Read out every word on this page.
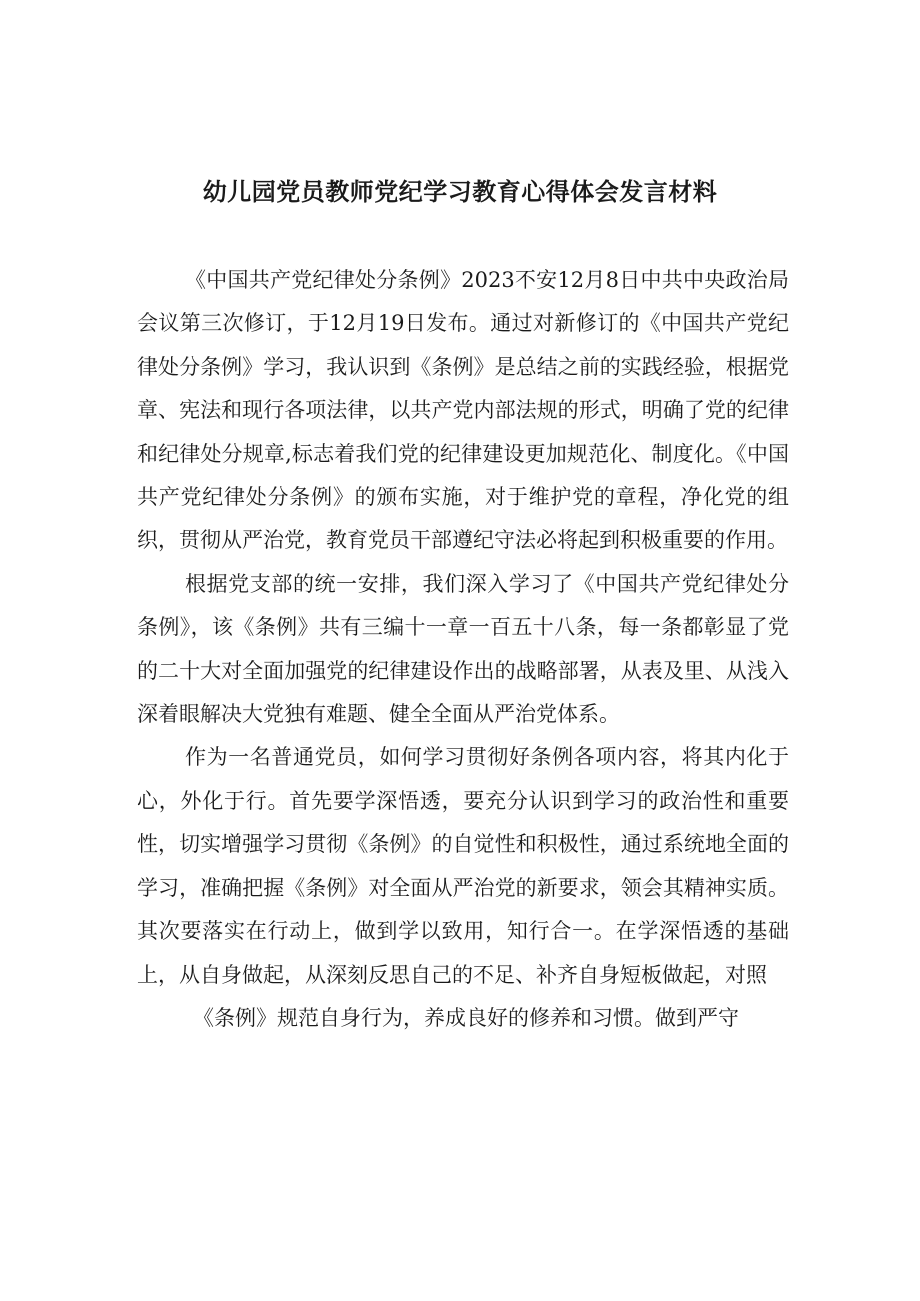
幼儿园党员教师党纪学习教育心得体会发言材料

《中国共产党纪律处分条例》2023不安12月8日中共中央政治局会议第三次修订，于12月19日发布。通过对新修订的《中国共产党纪律处分条例》学习，我认识到《条例》是总结之前的实践经验，根据党章、宪法和现行各项法律，以共产党内部法规的形式，明确了党的纪律和纪律处分规章,标志着我们党的纪律建设更加规范化、制度化。《中国共产党纪律处分条例》的颁布实施，对于维护党的章程，净化党的组织，贯彻从严治党，教育党员干部遵纪守法必将起到积极重要的作用。

根据党支部的统一安排，我们深入学习了《中国共产党纪律处分条例》，该《条例》共有三编十一章一百五十八条，每一条都彰显了党的二十大对全面加强党的纪律建设作出的战略部署，从表及里、从浅入深着眼解决大党独有难题、健全全面从严治党体系。

作为一名普通党员，如何学习贯彻好条例各项内容，将其内化于心，外化于行。首先要学深悟透，要充分认识到学习的政治性和重要性，切实增强学习贯彻《条例》的自觉性和积极性，通过系统地全面的学习，准确把握《条例》对全面从严治党的新要求，领会其精神实质。其次要落实在行动上，做到学以致用，知行合一。在学深悟透的基础上，从自身做起，从深刻反思自己的不足、补齐自身短板做起，对照

《条例》规范自身行为，养成良好的修养和习惯。做到严守
